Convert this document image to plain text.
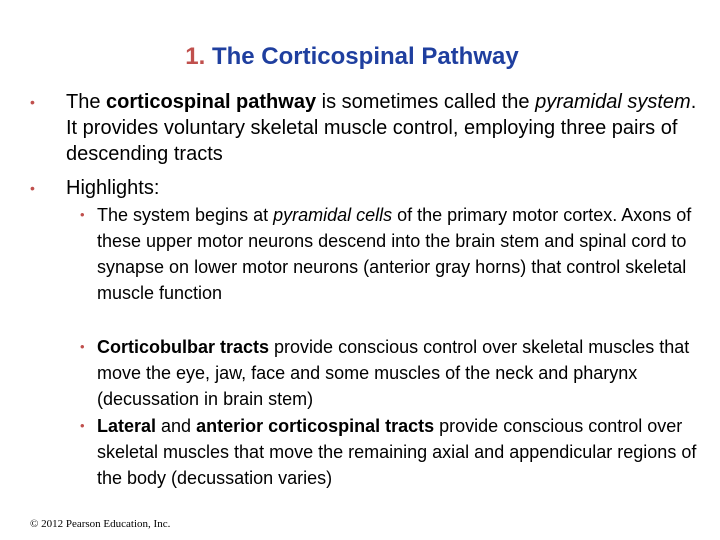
1. The Corticospinal Pathway
• The corticospinal pathway is sometimes called the pyramidal system. It provides voluntary skeletal muscle control, employing three pairs of descending tracts
• Highlights:
• The system begins at pyramidal cells of the primary motor cortex. Axons of these upper motor neurons descend into the brain stem and spinal cord to synapse on lower motor neurons (anterior gray horns) that control skeletal muscle function
• Corticobulbar tracts provide conscious control over skeletal muscles that move the eye, jaw, face and some muscles of the neck and pharynx (decussation in brain stem)
• Lateral and anterior corticospinal tracts provide conscious control over skeletal muscles that move the remaining axial and appendicular regions of the body (decussation varies)
© 2012 Pearson Education, Inc.
